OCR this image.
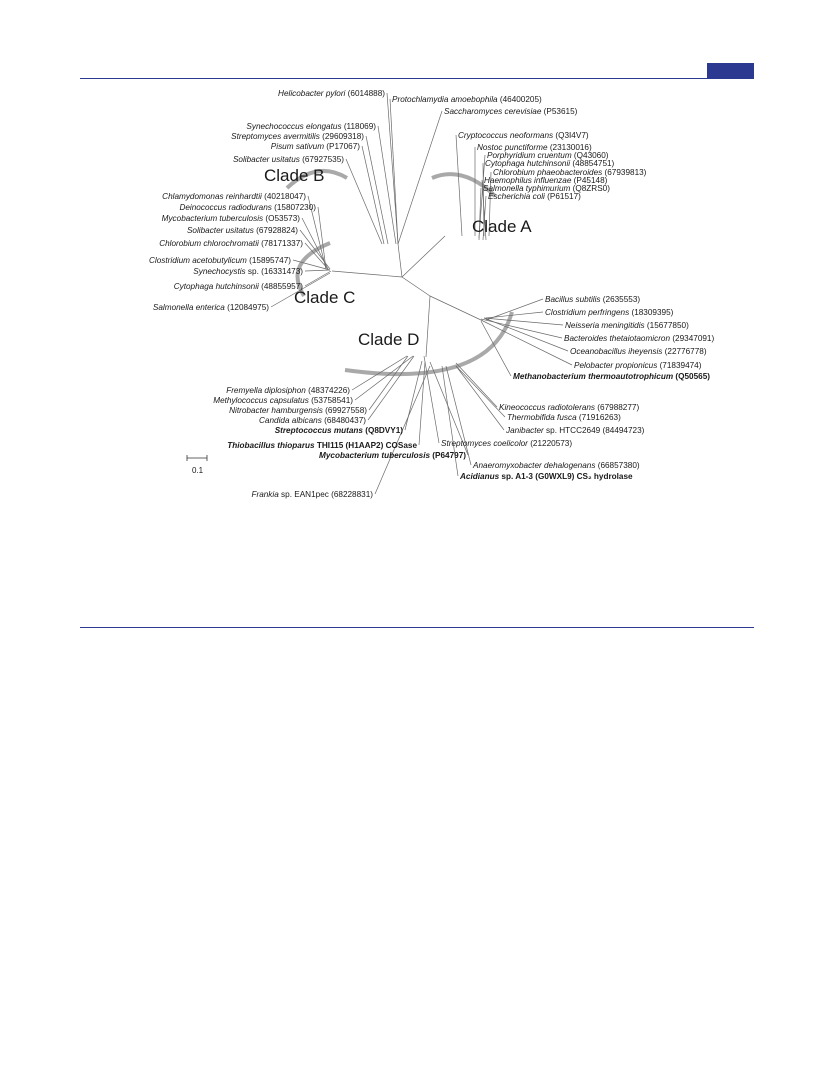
Helicobacter pylori (6014888)
Protochlamydia amoebophila (46400205)
Saccharomyces cerevisiae (P53615)
Synechococcus elongatus (118069)
Streptomyces avermitilis (29609318)
Pisum sativum (P17067)
Solibacter usitatus (67927535)
Cryptococcus neoformans (Q3I4V7)
Nostoc punctiforme (23130016)
Porphyridium cruentum (Q43060)
Cytophaga hutchinsonii (48854751)
Chlorobium phaeobacteroides (67939813)
Haemophilus influenzae (P45148)
Salmonella typhimurium (Q8ZRS0)
Escherichia coli (P61517)
Chlamydomonas reinhardtii (40218047)
Deinococcus radiodurans (15807230)
Mycobacterium tuberculosis (O53573)
Solibacter usitatus (67928824)
Chlorobium chlorochromatii (78171337)
Clostridium acetobutylicum (15895747)
Synechocystis sp. (16331473)
Cytophaga hutchinsonii (48855957)
Salmonella enterica (12084975)
Bacillus subtilis (2635553)
Clostridium perfringens (18309395)
Neisseria meningitidis (15677850)
Bacteroides thetaiotaomicron (29347091)
Oceanobacillus iheyensis (22776778)
Pelobacter propionicus (71839474)
Methanobacterium thermoautotrophicum (Q50565)
Kineococcus radiotolerans (67988277)
Thermobifida fusca (71916263)
Janibacter sp. HTCC2649 (84494723)
Streptomyces coelicolor (21220573)
Anaeromyxobacter dehalogenans (66857380)
Acidianus sp. A1-3 (G0WXL9) CS₂ hydrolase
Frankia sp. EAN1pec (68228831)
Mycobacterium tuberculosis (P64797)
Thiobacillus thioparus THI115 (H1AAP2) COSase
Streptococcus mutans (Q8DVY1)
Candida albicans (68480437)
Nitrobacter hamburgensis (69927558)
Methylococcus capsulatus (53758541)
Fremyella diplosiphon (48374226)
Clade B
Clade A
Clade C
Clade D
0.1
